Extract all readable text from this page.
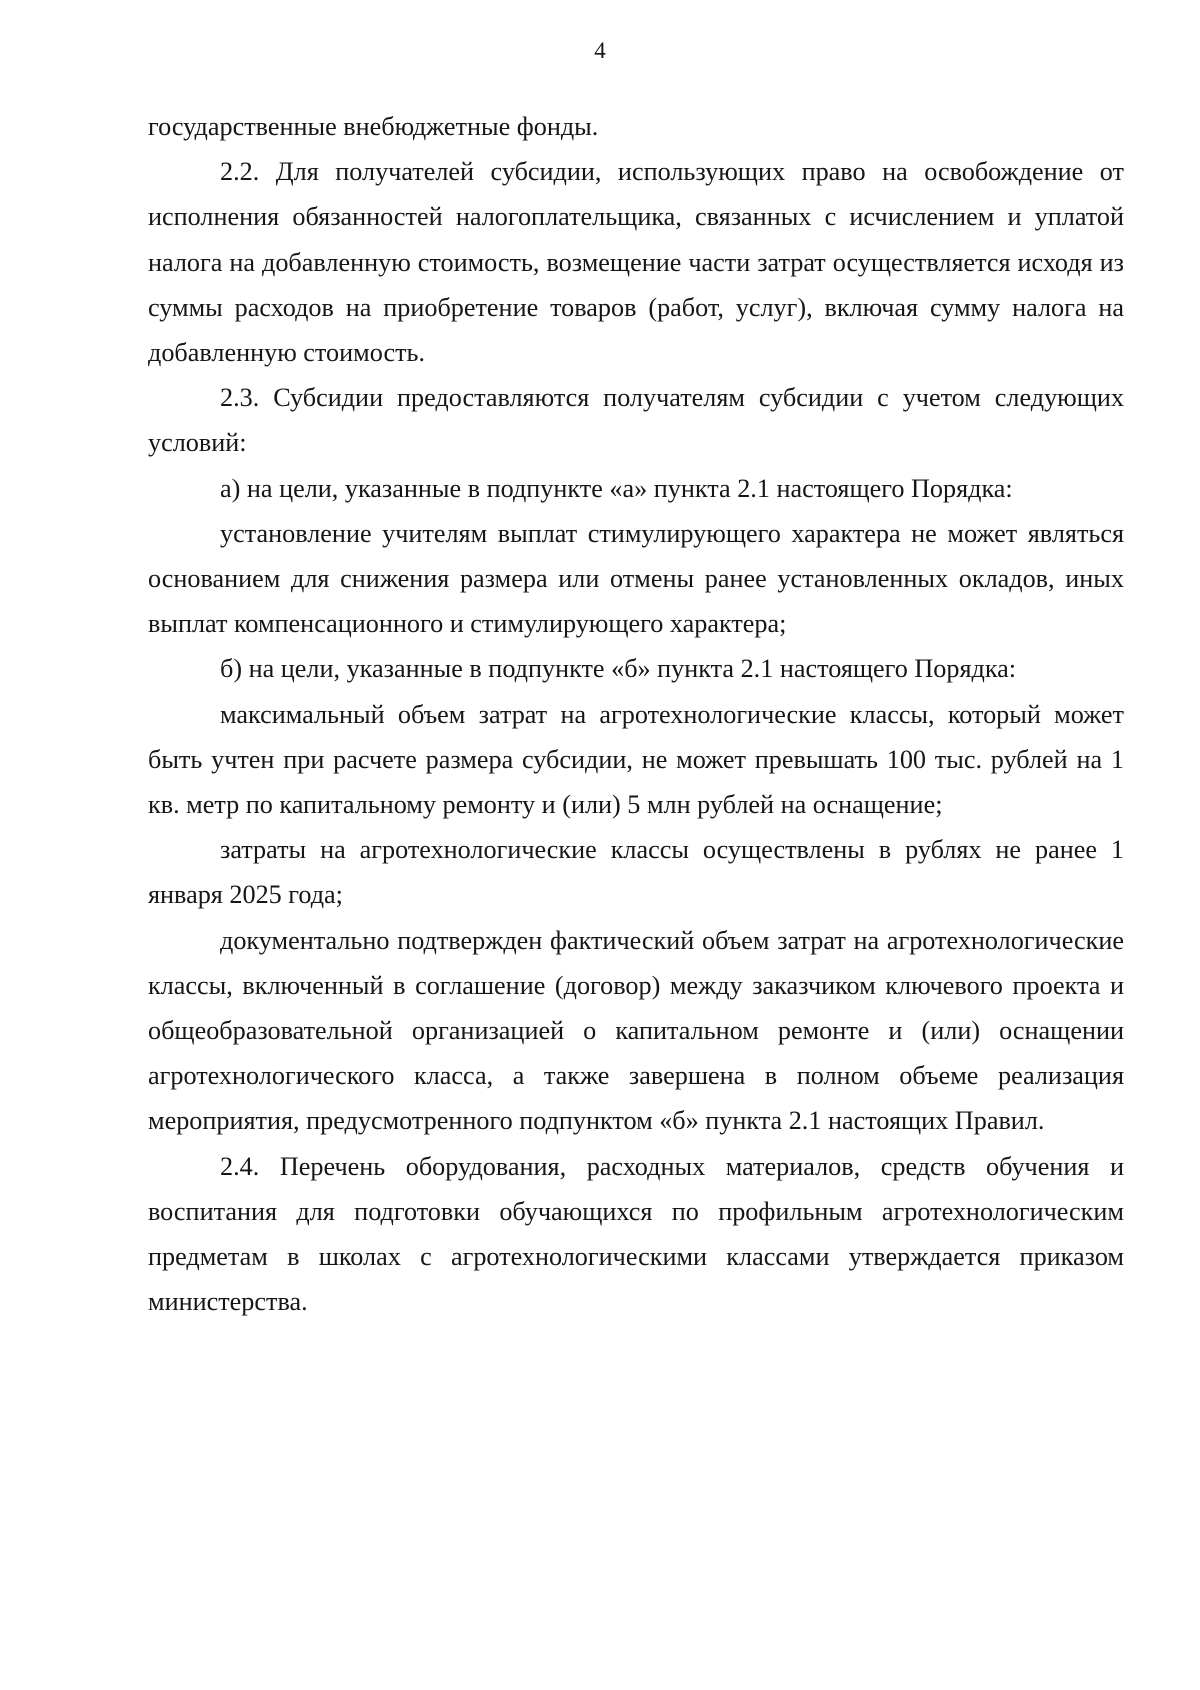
4

государственные внебюджетные фонды.

2.2. Для получателей субсидии, использующих право на освобождение от исполнения обязанностей налогоплательщика, связанных с исчислением и уплатой налога на добавленную стоимость, возмещение части затрат осуществляется исходя из суммы расходов на приобретение товаров (работ, услуг), включая сумму налога на добавленную стоимость.

2.3. Субсидии предоставляются получателям субсидии с учетом следующих условий:

а) на цели, указанные в подпункте «а» пункта 2.1 настоящего Порядка:

установление учителям выплат стимулирующего характера не может являться основанием для снижения размера или отмены ранее установленных окладов, иных выплат компенсационного и стимулирующего характера;

б) на цели, указанные в подпункте «б» пункта 2.1 настоящего Порядка:

максимальный объем затрат на агротехнологические классы, который может быть учтен при расчете размера субсидии, не может превышать 100 тыс. рублей на 1 кв. метр по капитальному ремонту и (или) 5 млн рублей на оснащение;

затраты на агротехнологические классы осуществлены в рублях не ранее 1 января 2025 года;

документально подтвержден фактический объем затрат на агротехнологические классы, включенный в соглашение (договор) между заказчиком ключевого проекта и общеобразовательной организацией о капитальном ремонте и (или) оснащении агротехнологического класса, а также завершена в полном объеме реализация мероприятия, предусмотренного подпунктом «б» пункта 2.1 настоящих Правил.

2.4. Перечень оборудования, расходных материалов, средств обучения и воспитания для подготовки обучающихся по профильным агротехнологическим предметам в школах с агротехнологическими классами утверждается приказом министерства.
